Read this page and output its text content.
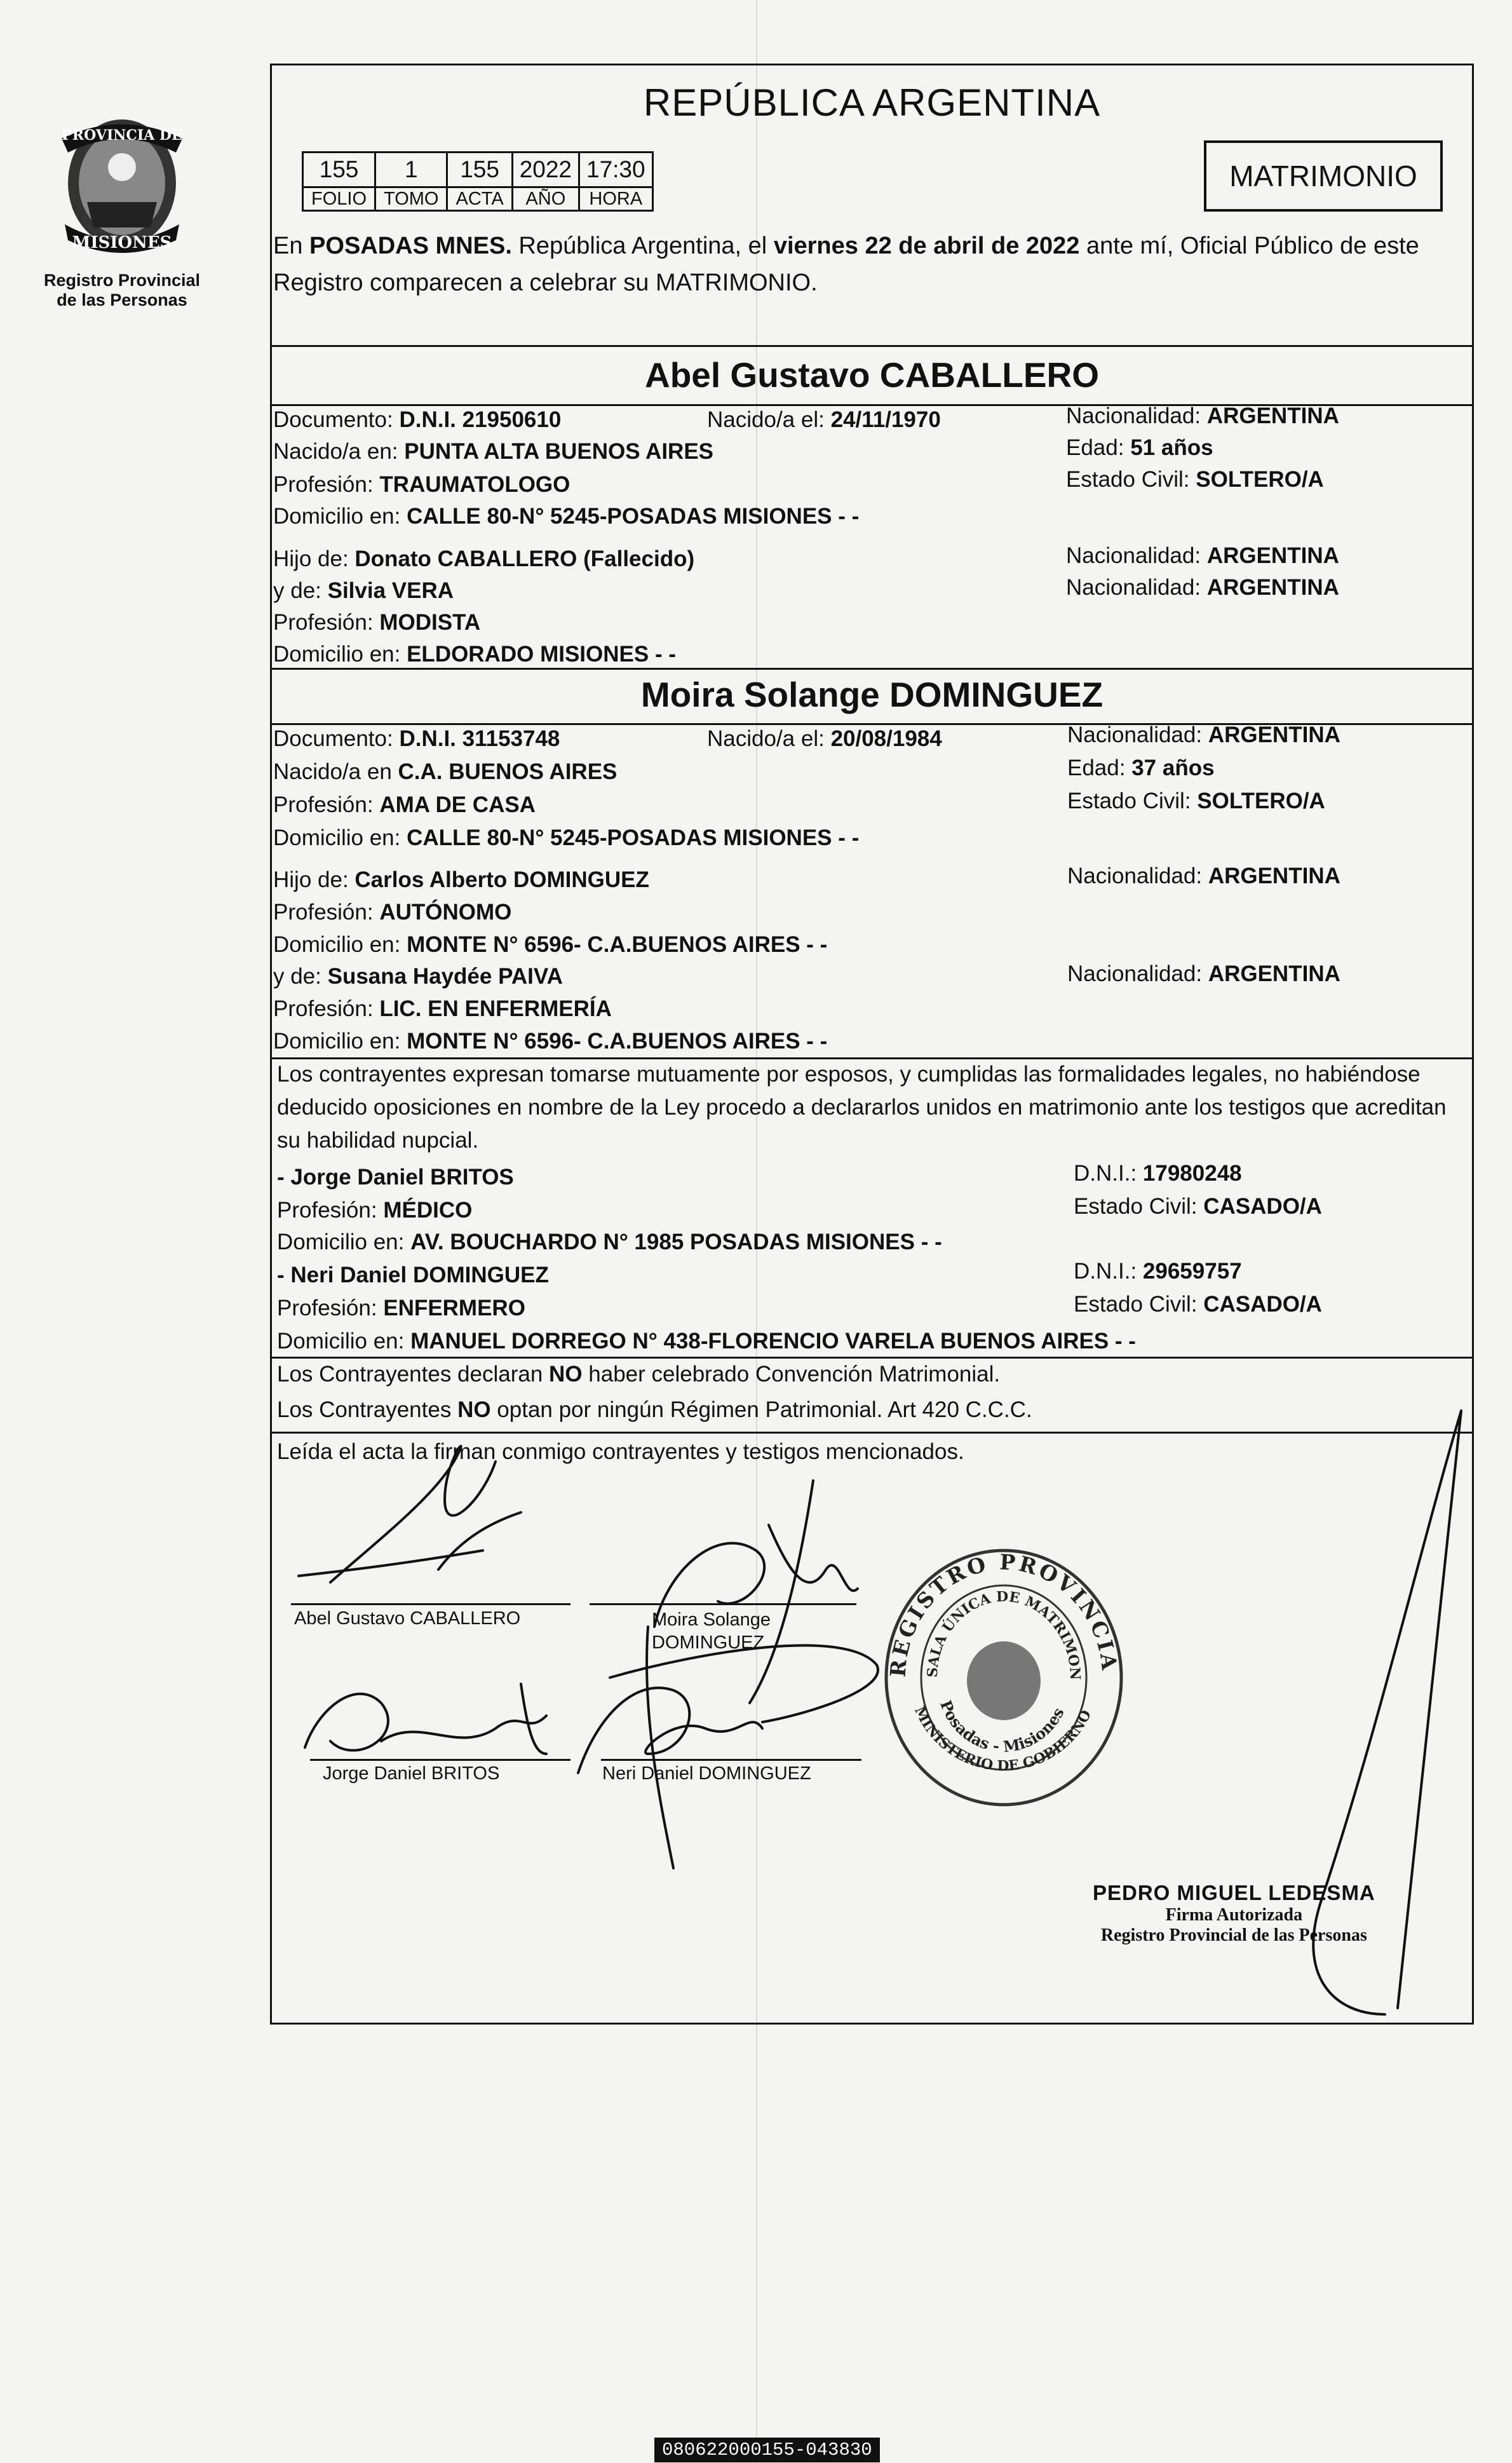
PROVINCIA DE
MISIONES
Registro Provincial de las Personas
REPÚBLICA ARGENTINA
155	1	155	2022	17:30
FOLIO	TOMO	ACTA	AÑO	HORA
MATRIMONIO
En POSADAS MNES. República Argentina, el viernes 22 de abril de 2022 ante mí, Oficial Público de este Registro comparecen a celebrar su MATRIMONIO.
Abel Gustavo CABALLERO
Documento: D.N.I. 21950610	Nacido/a el: 24/11/1970	Nacionalidad: ARGENTINA
Nacido/a en: PUNTA ALTA BUENOS AIRES	Edad: 51 años
Profesión: TRAUMATOLOGO	Estado Civil: SOLTERO/A
Domicilio en: CALLE 80-N° 5245-POSADAS MISIONES - -
Hijo de: Donato CABALLERO (Fallecido)	Nacionalidad: ARGENTINA
y de: Silvia VERA	Nacionalidad: ARGENTINA
Profesión: MODISTA
Domicilio en: ELDORADO MISIONES - -
Moira Solange DOMINGUEZ
Documento: D.N.I. 31153748	Nacido/a el: 20/08/1984	Nacionalidad: ARGENTINA
Nacido/a en C.A. BUENOS AIRES	Edad: 37 años
Profesión: AMA DE CASA	Estado Civil: SOLTERO/A
Domicilio en: CALLE 80-N° 5245-POSADAS MISIONES - -
Hijo de: Carlos Alberto DOMINGUEZ	Nacionalidad: ARGENTINA
Profesión: AUTÓNOMO
Domicilio en: MONTE N° 6596- C.A.BUENOS AIRES - -
y de: Susana Haydée PAIVA	Nacionalidad: ARGENTINA
Profesión: LIC. EN ENFERMERÍA
Domicilio en: MONTE N° 6596- C.A.BUENOS AIRES - -
Los contrayentes expresan tomarse mutuamente por esposos, y cumplidas las formalidades legales, no habiéndose deducido oposiciones en nombre de la Ley procedo a declararlos unidos en matrimonio ante los testigos que acreditan su habilidad nupcial.
- Jorge Daniel BRITOS	D.N.I.: 17980248
Profesión: MÉDICO	Estado Civil: CASADO/A
Domicilio en: AV. BOUCHARDO N° 1985 POSADAS MISIONES - -
- Neri Daniel DOMINGUEZ	D.N.I.: 29659757
Profesión: ENFERMERO	Estado Civil: CASADO/A
Domicilio en: MANUEL DORREGO N° 438-FLORENCIO VARELA BUENOS AIRES - -
Los Contrayentes declaran NO haber celebrado Convención Matrimonial.
Los Contrayentes NO optan por ningún Régimen Patrimonial. Art 420 C.C.C.
Leída el acta la firman conmigo contrayentes y testigos mencionados.
Abel Gustavo CABALLERO	Moira Solange DOMINGUEZ
Jorge Daniel BRITOS	Neri Daniel DOMINGUEZ
REGISTRO PROVINCIA
SALA ÚNICA DE MATRIMON
Posadas - Misiones
MINISTERIO DE GOBIERNO
PEDRO MIGUEL LEDESMA
Firma Autorizada
Registro Provincial de las Personas
080622000155-043830
